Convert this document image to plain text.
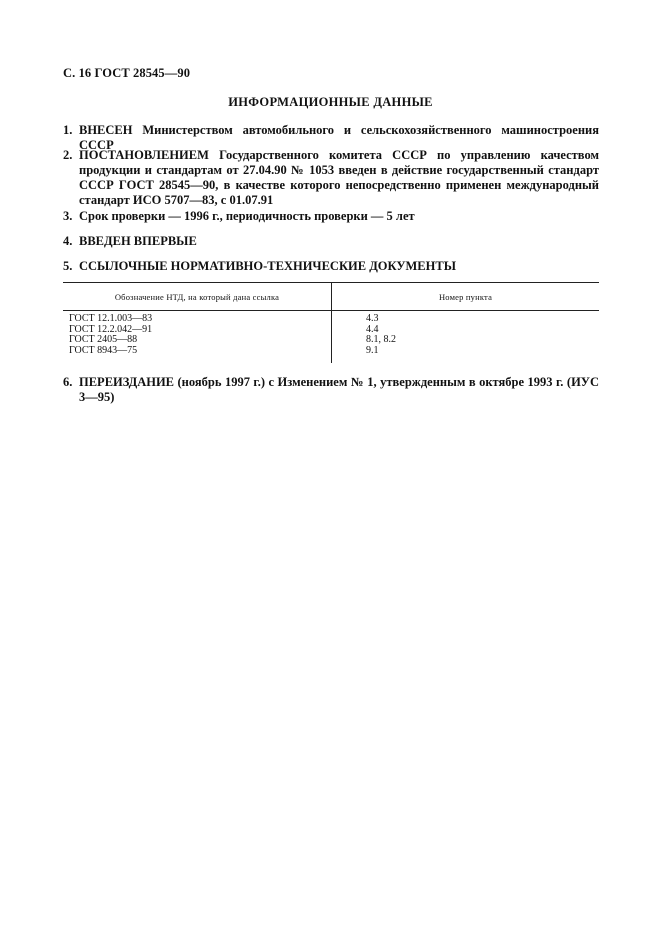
С. 16 ГОСТ 28545—90
ИНФОРМАЦИОННЫЕ ДАННЫЕ
1. ВНЕСЕН Министерством автомобильного и сельскохозяйственного машиностроения СССР
2. ПОСТАНОВЛЕНИЕМ Государственного комитета СССР по управлению качеством продукции и стандартам от 27.04.90 № 1053 введен в действие государственный стандарт СССР ГОСТ 28545—90, в качестве которого непосредственно применен международный стандарт ИСО 5707—83, с 01.07.91
3. Срок проверки — 1996 г., периодичность проверки — 5 лет
4. ВВЕДЕН ВПЕРВЫЕ
5. ССЫЛОЧНЫЕ НОРМАТИВНО-ТЕХНИЧЕСКИЕ ДОКУМЕНТЫ
Обозначение НТД, на который дана ссылка	Номер пункта
ГОСТ 12.1.003—83	4.3
ГОСТ 12.2.042—91	4.4
ГОСТ 2405—88	8.1, 8.2
ГОСТ 8943—75	9.1
6. ПЕРЕИЗДАНИЕ (ноябрь 1997 г.) с Изменением № 1, утвержденным в октябре 1993 г. (ИУС 3—95)
